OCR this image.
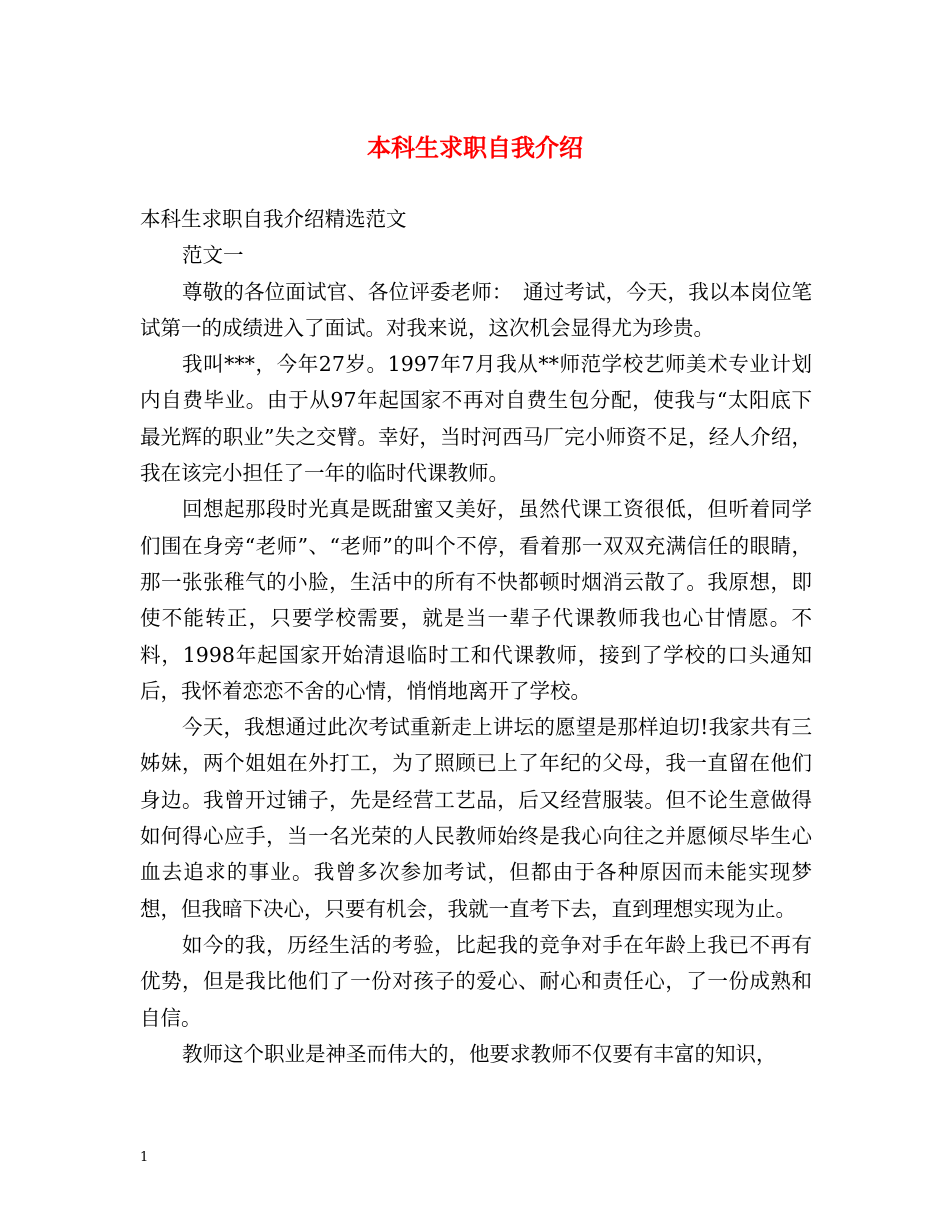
本科生求职自我介绍

本科生求职自我介绍精选范文

范文一

尊敬的各位面试官、各位评委老师：　通过考试，今天，我以本岗位笔试第一的成绩进入了面试。对我来说，这次机会显得尤为珍贵。

我叫***，今年27岁。1997年7月我从**师范学校艺师美术专业计划内自费毕业。由于从97年起国家不再对自费生包分配，使我与“太阳底下最光辉的职业”失之交臂。幸好，当时河西马厂完小师资不足，经人介绍，我在该完小担任了一年的临时代课教师。

回想起那段时光真是既甜蜜又美好，虽然代课工资很低，但听着同学们围在身旁“老师”、“老师”的叫个不停，看着那一双双充满信任的眼睛，那一张张稚气的小脸，生活中的所有不快都顿时烟消云散了。我原想，即使不能转正，只要学校需要，就是当一辈子代课教师我也心甘情愿。不料，1998年起国家开始清退临时工和代课教师，接到了学校的口头通知后，我怀着恋恋不舍的心情，悄悄地离开了学校。

今天，我想通过此次考试重新走上讲坛的愿望是那样迫切!我家共有三姊妹，两个姐姐在外打工，为了照顾已上了年纪的父母，我一直留在他们身边。我曾开过铺子，先是经营工艺品，后又经营服装。但不论生意做得如何得心应手，当一名光荣的人民教师始终是我心向往之并愿倾尽毕生心血去追求的事业。我曾多次参加考试，但都由于各种原因而未能实现梦想，但我暗下决心，只要有机会，我就一直考下去，直到理想实现为止。

如今的我，历经生活的考验，比起我的竞争对手在年龄上我已不再有优势，但是我比他们了一份对孩子的爱心、耐心和责任心，了一份成熟和自信。

教师这个职业是神圣而伟大的，他要求教师不仅要有丰富的知识，

1
